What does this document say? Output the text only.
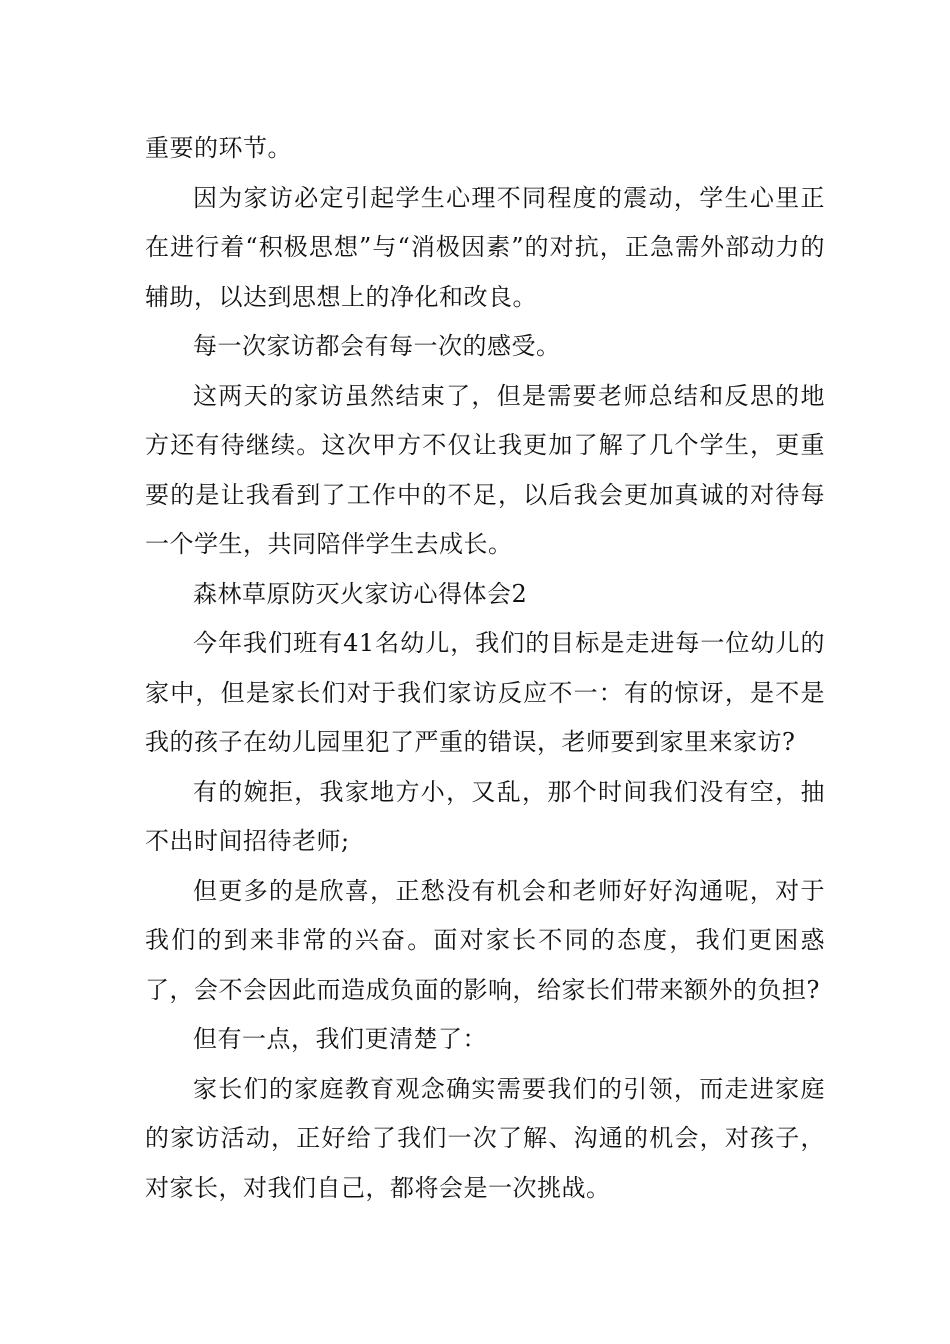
重要的环节。

因为家访必定引起学生心理不同程度的震动，学生心里正在进行着“积极思想”与“消极因素”的对抗，正急需外部动力的辅助，以达到思想上的净化和改良。

每一次家访都会有每一次的感受。

这两天的家访虽然结束了，但是需要老师总结和反思的地方还有待继续。这次甲方不仅让我更加了解了几个学生，更重要的是让我看到了工作中的不足，以后我会更加真诚的对待每一个学生，共同陪伴学生去成长。

森林草原防灭火家访心得体会2

今年我们班有41名幼儿，我们的目标是走进每一位幼儿的家中，但是家长们对于我们家访反应不一：有的惊讶，是不是我的孩子在幼儿园里犯了严重的错误，老师要到家里来家访?

有的婉拒，我家地方小，又乱，那个时间我们没有空，抽不出时间招待老师;

但更多的是欣喜，正愁没有机会和老师好好沟通呢，对于我们的到来非常的兴奋。面对家长不同的态度，我们更困惑了，会不会因此而造成负面的影响，给家长们带来额外的负担?

但有一点，我们更清楚了：

家长们的家庭教育观念确实需要我们的引领，而走进家庭的家访活动，正好给了我们一次了解、沟通的机会，对孩子，对家长，对我们自己，都将会是一次挑战。
